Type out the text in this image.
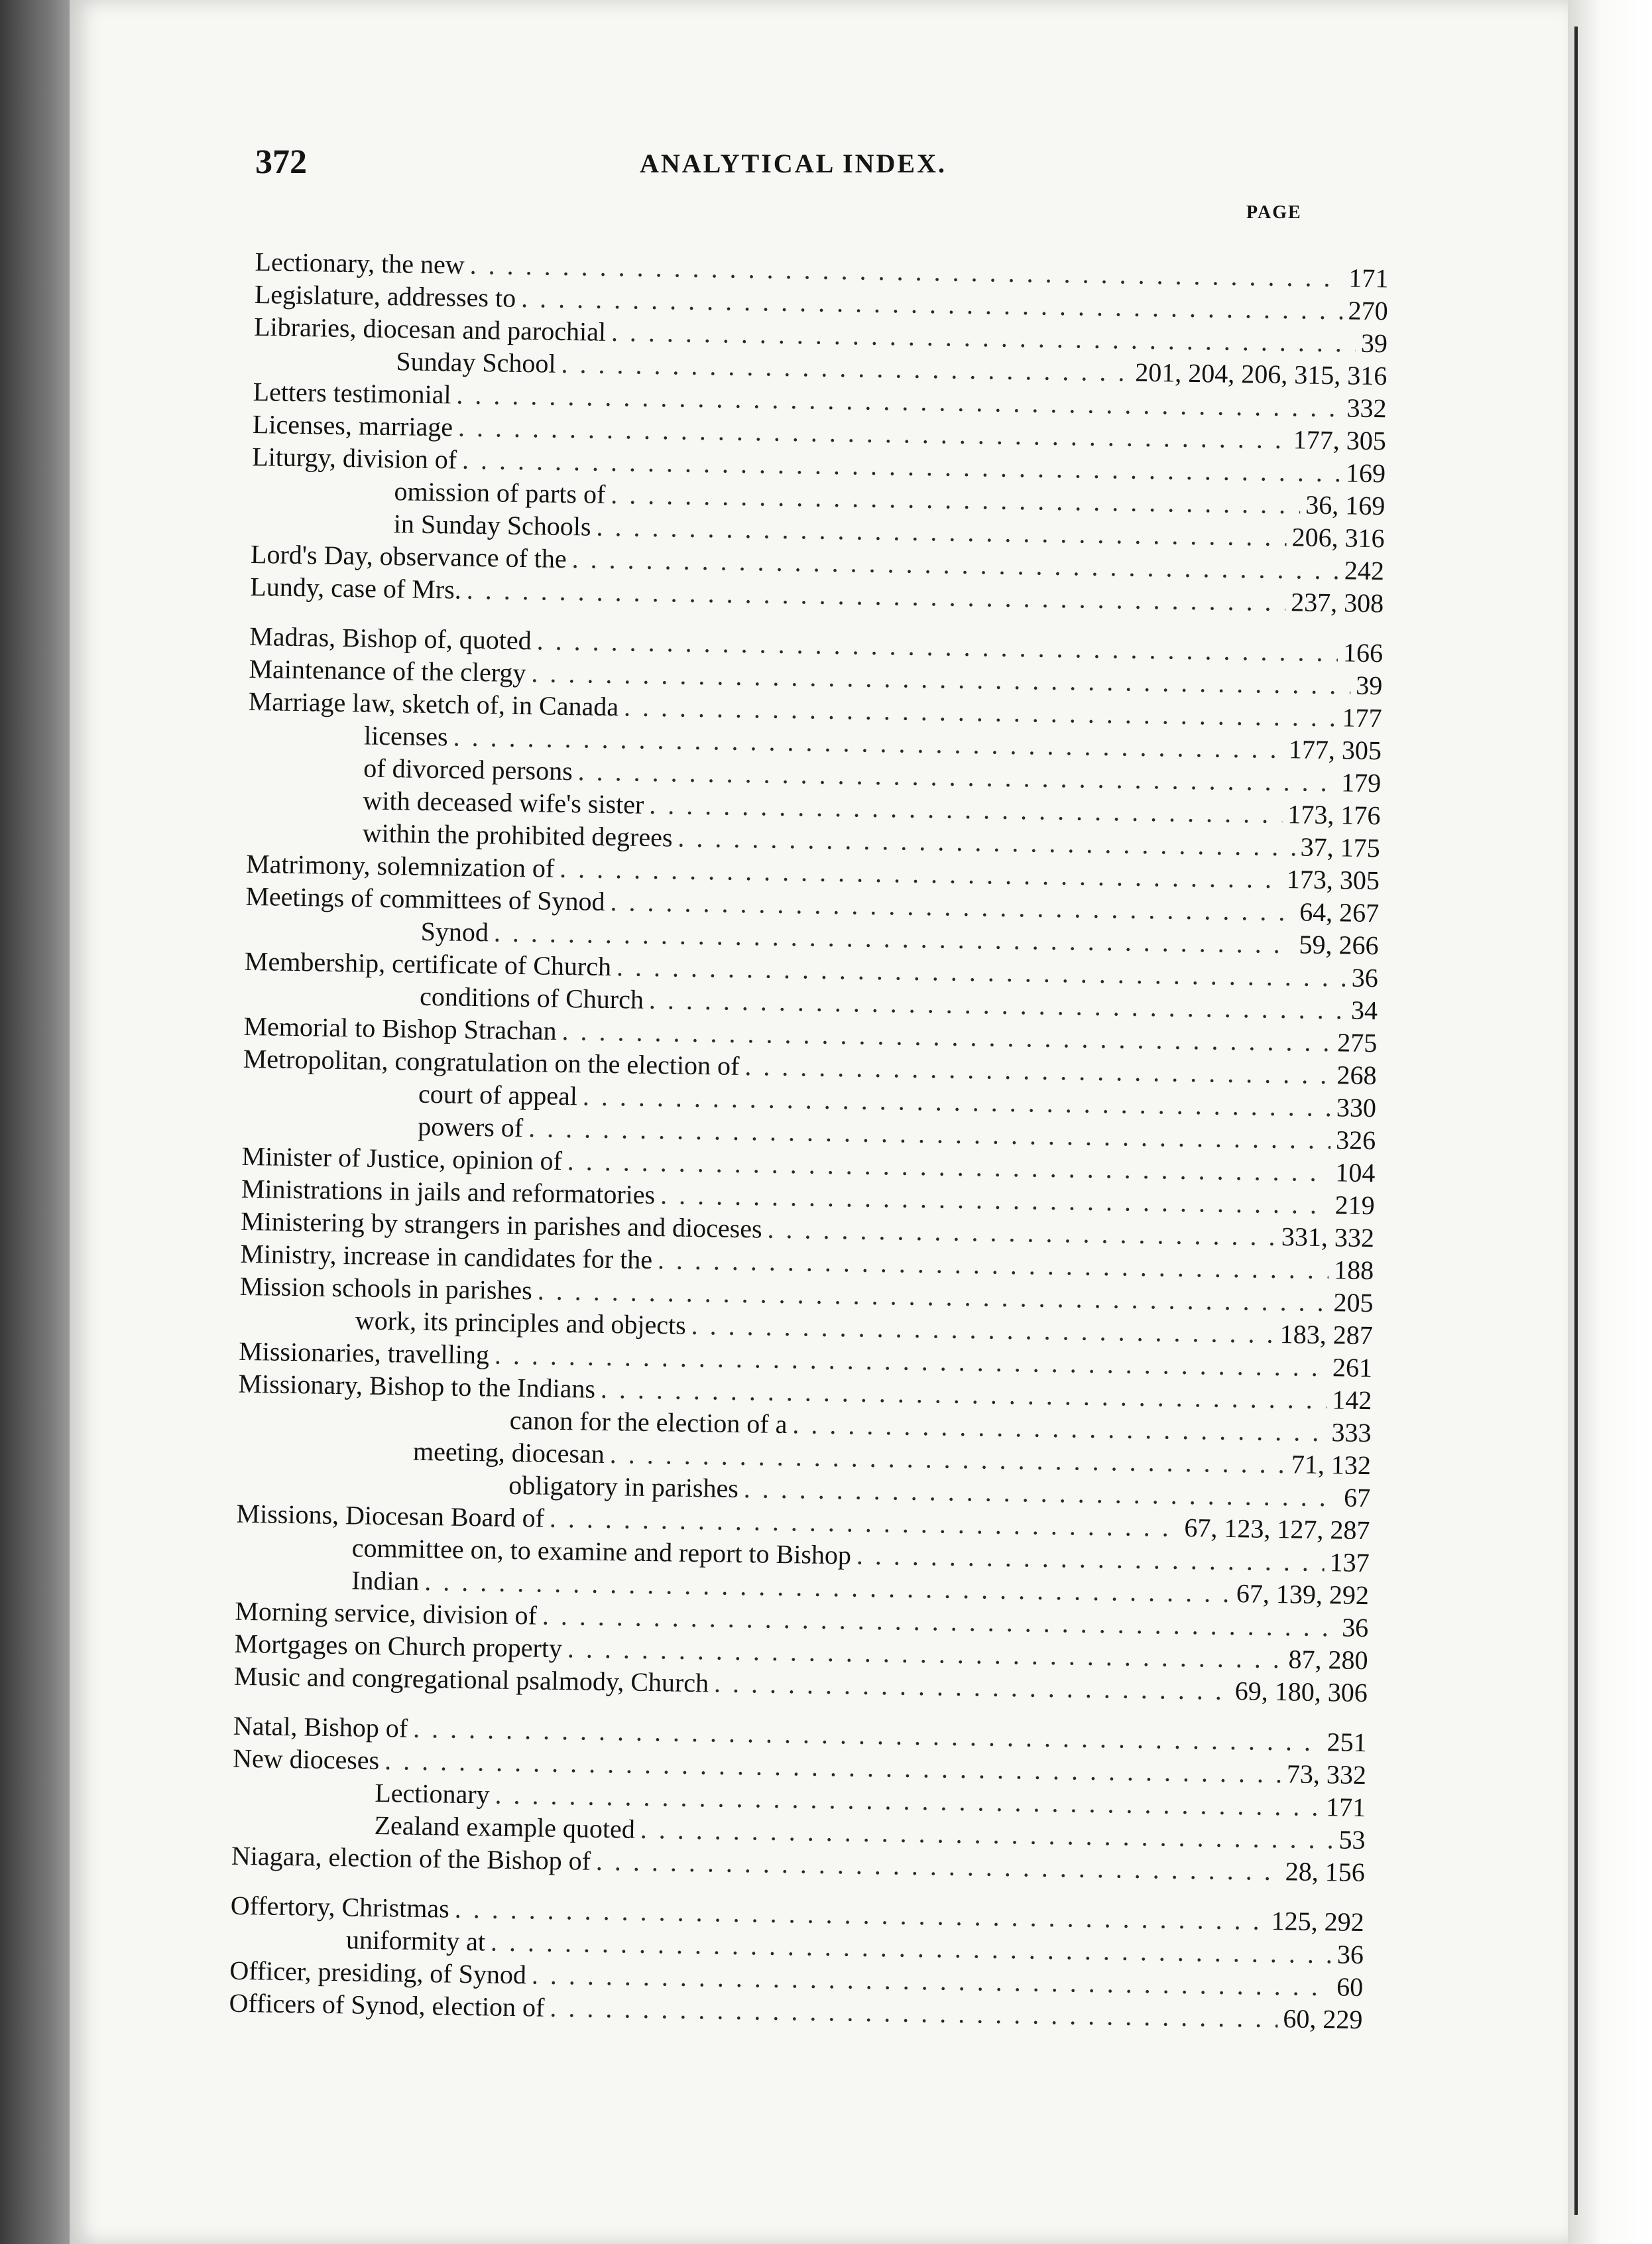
372	ANALYTICAL INDEX.
PAGE
Lectionary, the new . . .	171
Legislature, addresses to . . .	270
Libraries, diocesan and parochial . . .	39
Sunday School . . .	201, 204, 206, 315, 316
Letters testimonial . . .	332
Licenses, marriage . . .	177, 305
Liturgy, division of . . .	169
omission of parts of . . .	36, 169
in Sunday Schools . . .	206, 316
Lord's Day, observance of the . . .	242
Lundy, case of Mrs. . . .	237, 308
Madras, Bishop of, quoted . . .	166
Maintenance of the clergy . . .	39
Marriage law, sketch of, in Canada . . .	177
licenses . . .	177, 305
of divorced persons . . .	179
with deceased wife's sister . . .	173, 176
within the prohibited degrees . . .	37, 175
Matrimony, solemnization of . . .	173, 305
Meetings of committees of Synod . . .	64, 267
Synod . . .	59, 266
Membership, certificate of Church . . .	36
conditions of Church . . .	34
Memorial to Bishop Strachan . . .	275
Metropolitan, congratulation on the election of . . .	268
court of appeal . . .	330
powers of . . .	326
Minister of Justice, opinion of . . .	104
Ministrations in jails and reformatories . . .	219
Ministering by strangers in parishes and dioceses . . .	331, 332
Ministry, increase in candidates for the . . .	188
Mission schools in parishes . . .	205
work, its principles and objects . . .	183, 287
Missionaries, travelling . . .	261
Missionary, Bishop to the Indians . . .	142
canon for the election of a . . .	333
meeting, diocesan . . .	71, 132
obligatory in parishes . . .	67
Missions, Diocesan Board of . . .	67, 123, 127, 287
committee on, to examine and report to Bishop . . .	137
Indian . . .	67, 139, 292
Morning service, division of . . .	36
Mortgages on Church property . . .	87, 280
Music and congregational psalmody, Church . . .	69, 180, 306
Natal, Bishop of . . .	251
New dioceses . . .	73, 332
Lectionary . . .	171
Zealand example quoted . . .	53
Niagara, election of the Bishop of . . .	28, 156
Offertory, Christmas . . .	125, 292
uniformity at . . .	36
Officer, presiding, of Synod . . .	60
Officers of Synod, election of . . .	60, 229
